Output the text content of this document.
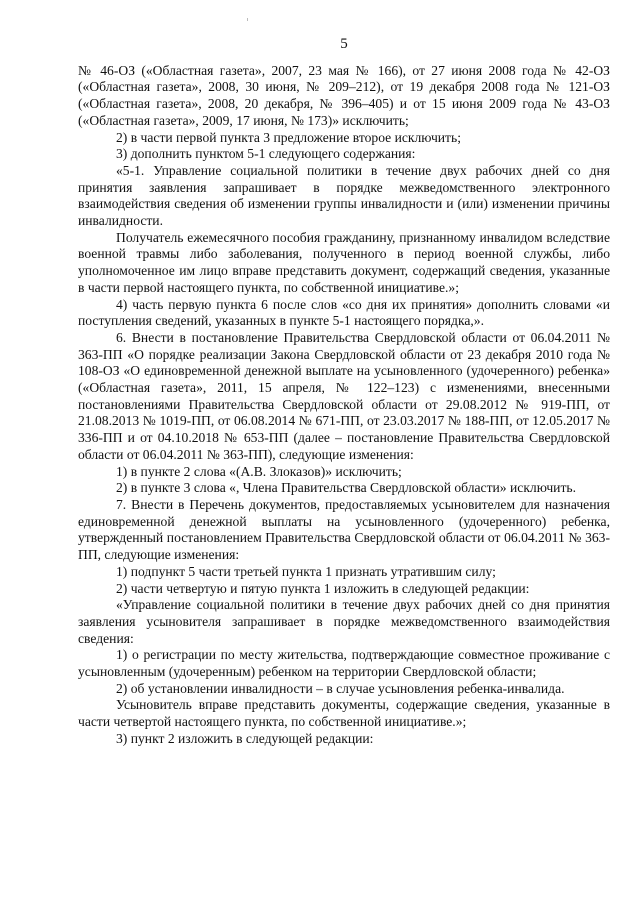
5

№ 46-ОЗ («Областная газета», 2007, 23 мая № 166), от 27 июня 2008 года № 42-ОЗ («Областная газета», 2008, 30 июня, № 209–212), от 19 декабря 2008 года № 121-ОЗ («Областная газета», 2008, 20 декабря, № 396–405) и от 15 июня 2009 года № 43-ОЗ («Областная газета», 2009, 17 июня, № 173)» исключить;

2) в части первой пункта 3 предложение второе исключить;

3) дополнить пунктом 5-1 следующего содержания:

«5-1. Управление социальной политики в течение двух рабочих дней со дня принятия заявления запрашивает в порядке межведомственного электронного взаимодействия сведения об изменении группы инвалидности и (или) изменении причины инвалидности.

Получатель ежемесячного пособия гражданину, признанному инвалидом вследствие военной травмы либо заболевания, полученного в период военной службы, либо уполномоченное им лицо вправе представить документ, содержащий сведения, указанные в части первой настоящего пункта, по собственной инициативе.»;

4) часть первую пункта 6 после слов «со дня их принятия» дополнить словами «и поступления сведений, указанных в пункте 5-1 настоящего порядка,».

6. Внести в постановление Правительства Свердловской области от 06.04.2011 № 363-ПП «О порядке реализации Закона Свердловской области от 23 декабря 2010 года № 108-ОЗ «О единовременной денежной выплате на усыновленного (удочеренного) ребенка» («Областная газета», 2011, 15 апреля, № 122–123) с изменениями, внесенными постановлениями Правительства Свердловской области от 29.08.2012 № 919-ПП, от 21.08.2013 № 1019-ПП, от 06.08.2014 № 671-ПП, от 23.03.2017 № 188-ПП, от 12.05.2017 № 336-ПП и от 04.10.2018 № 653-ПП (далее – постановление Правительства Свердловской области от 06.04.2011 № 363-ПП), следующие изменения:

1) в пункте 2 слова «(А.В. Злоказов)» исключить;

2) в пункте 3 слова «, Члена Правительства Свердловской области» исключить.

7. Внести в Перечень документов, предоставляемых усыновителем для назначения единовременной денежной выплаты на усыновленного (удочеренного) ребенка, утвержденный постановлением Правительства Свердловской области от 06.04.2011 № 363-ПП, следующие изменения:

1) подпункт 5 части третьей пункта 1 признать утратившим силу;

2) части четвертую и пятую пункта 1 изложить в следующей редакции:

«Управление социальной политики в течение двух рабочих дней со дня принятия заявления усыновителя запрашивает в порядке межведомственного взаимодействия сведения:

1) о регистрации по месту жительства, подтверждающие совместное проживание с усыновленным (удочеренным) ребенком на территории Свердловской области;

2) об установлении инвалидности – в случае усыновления ребенка-инвалида.

Усыновитель вправе представить документы, содержащие сведения, указанные в части четвертой настоящего пункта, по собственной инициативе.»;

3) пункт 2 изложить в следующей редакции:
